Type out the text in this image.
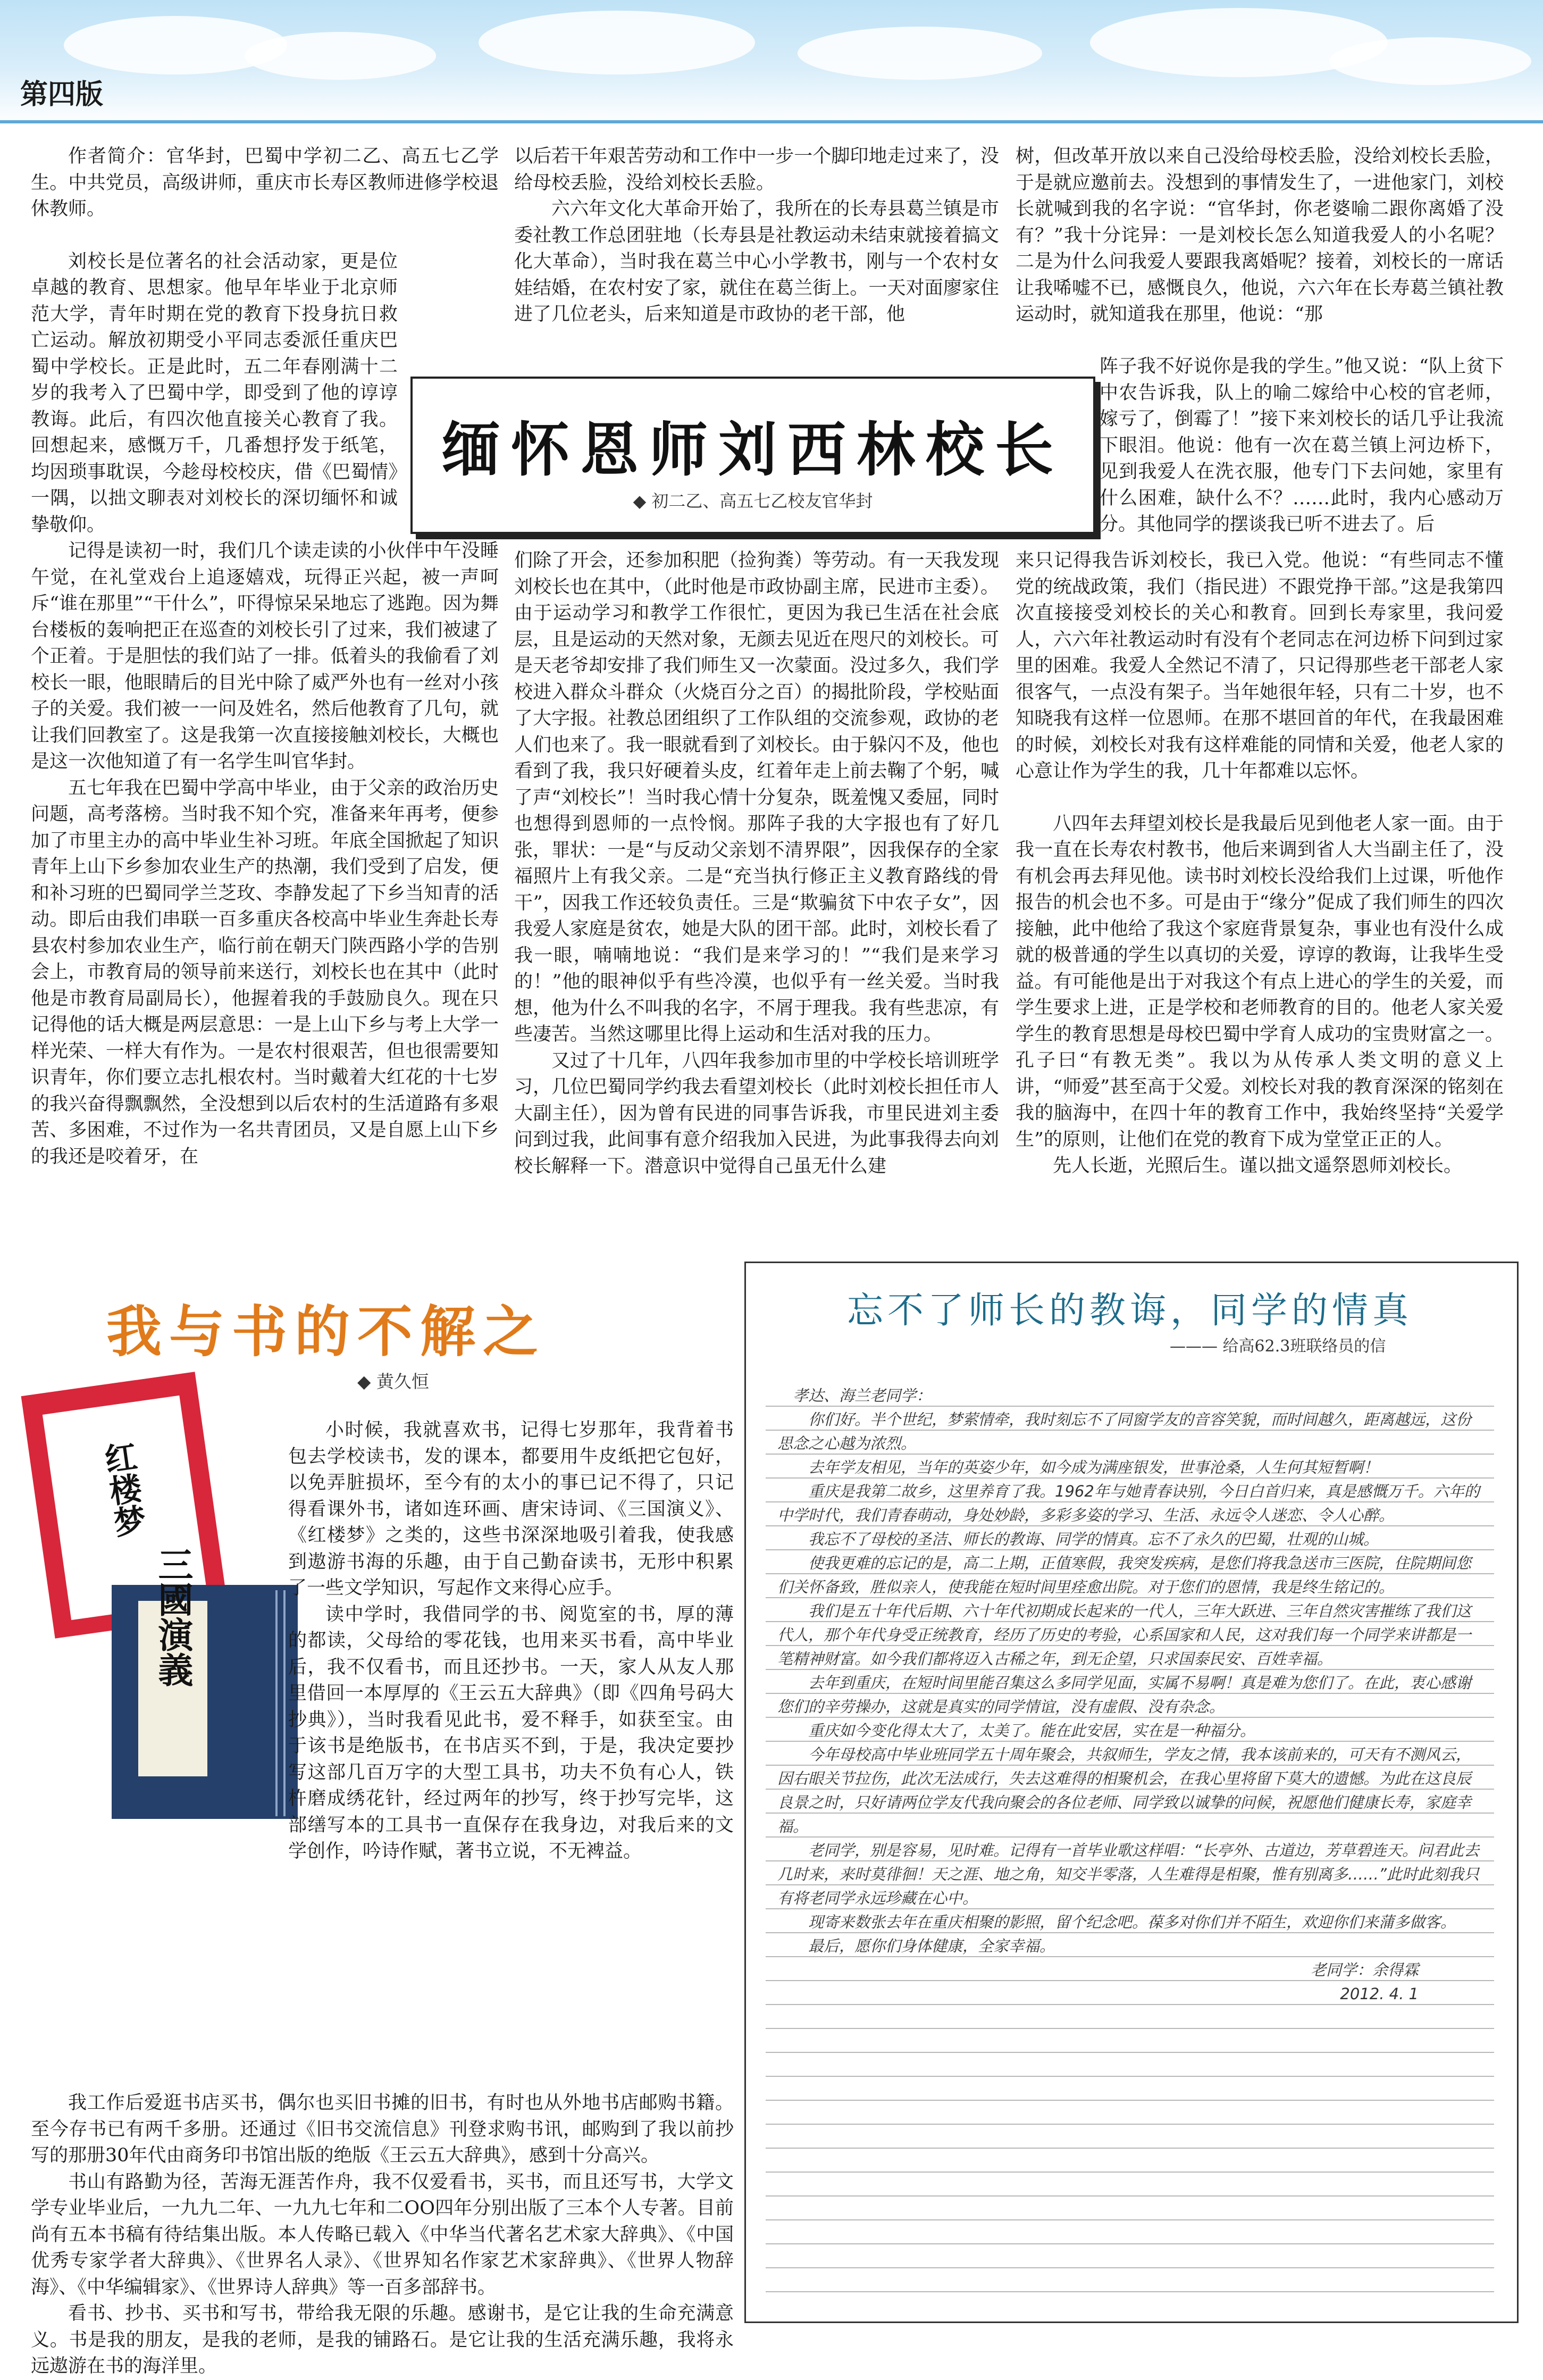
第四版

作者简介：官华封，巴蜀中学初二乙、高五七乙学生。中共党员，高级讲师，重庆市长寿区教师进修学校退休教师。

刘校长是位著名的社会活动家，更是位卓越的教育、思想家。他早年毕业于北京师范大学，青年时期在党的教育下投身抗日救亡运动。解放初期受小平同志委派任重庆巴蜀中学校长。正是此时，五二年春刚满十二岁的我考入了巴蜀中学，即受到了他的谆谆教诲。此后，有四次他直接关心教育了我。回想起来，感慨万千，几番想抒发于纸笔，均因琐事耽误，今趁母校校庆，借《巴蜀情》一隅，以拙文聊表对刘校长的深切缅怀和诚挚敬仰。

记得是读初一时，我们几个读走读的小伙伴中午没睡午觉，在礼堂戏台上追逐嬉戏，玩得正兴起，被一声呵斥“谁在那里”“干什么”，吓得惊呆呆地忘了逃跑。因为舞台楼板的轰响把正在巡查的刘校长引了过来，我们被逮了个正着。于是胆怯的我们站了一排。低着头的我偷看了刘校长一眼，他眼睛后的目光中除了威严外也有一丝对小孩子的关爱。我们被一一问及姓名，然后他教育了几句，就让我们回教室了。这是我第一次直接接触刘校长，大概也是这一次他知道了有一名学生叫官华封。

五七年我在巴蜀中学高中毕业，由于父亲的政治历史问题，高考落榜。当时我不知个究，准备来年再考，便参加了市里主办的高中毕业生补习班。年底全国掀起了知识青年上山下乡参加农业生产的热潮，我们受到了启发，便和补习班的巴蜀同学兰芝玫、李静发起了下乡当知青的活动。即后由我们串联一百多重庆各校高中毕业生奔赴长寿县农村参加农业生产，临行前在朝天门陕西路小学的告别会上，市教育局的领导前来送行，刘校长也在其中（此时他是市教育局副局长），他握着我的手鼓励良久。现在只记得他的话大概是两层意思：一是上山下乡与考上大学一样光荣、一样大有作为。一是农村很艰苦，但也很需要知识青年，你们要立志扎根农村。当时戴着大红花的十七岁的我兴奋得飘飘然，全没想到以后农村的生活道路有多艰苦、多困难，不过作为一名共青团员，又是自愿上山下乡的我还是咬着牙，在

以后若干年艰苦劳动和工作中一步一个脚印地走过来了，没给母校丢脸，没给刘校长丢脸。

六六年文化大革命开始了，我所在的长寿县葛兰镇是市委社教工作总团驻地（长寿县是社教运动未结束就接着搞文化大革命），当时我在葛兰中心小学教书，刚与一个农村女娃结婚，在农村安了家，就住在葛兰街上。一天对面廖家住进了几位老头，后来知道是市政协的老干部，他

缅怀恩师刘西林校长
◆ 初二乙、高五七乙校友官华封

们除了开会，还参加积肥（捡狗粪）等劳动。有一天我发现刘校长也在其中，（此时他是市政协副主席，民进市主委）。由于运动学习和教学工作很忙，更因为我已生活在社会底层，且是运动的天然对象，无颜去见近在咫尺的刘校长。可是天老爷却安排了我们师生又一次蒙面。没过多久，我们学校进入群众斗群众（火烧百分之百）的揭批阶段，学校贴面了大字报。社教总团组织了工作队组的交流参观，政协的老人们也来了。我一眼就看到了刘校长。由于躲闪不及，他也看到了我，我只好硬着头皮，红着年走上前去鞠了个躬，喊了声“刘校长”！当时我心情十分复杂，既羞愧又委屈，同时也想得到恩师的一点怜悯。那阵子我的大字报也有了好几张，罪状：一是“与反动父亲划不清界限”，因我保存的全家福照片上有我父亲。二是“充当执行修正主义教育路线的骨干”，因我工作还较负责任。三是“欺骗贫下中农子女”，因我爱人家庭是贫农，她是大队的团干部。此时，刘校长看了我一眼，喃喃地说：“我们是来学习的！”“我们是来学习的！”他的眼神似乎有些冷漠，也似乎有一丝关爱。当时我想，他为什么不叫我的名字，不屑于理我。我有些悲凉，有些凄苦。当然这哪里比得上运动和生活对我的压力。

又过了十几年，八四年我参加市里的中学校长培训班学习，几位巴蜀同学约我去看望刘校长（此时刘校长担任市人大副主任），因为曾有民进的同事告诉我，市里民进刘主委问到过我，此间事有意介绍我加入民进，为此事我得去向刘校长解释一下。潜意识中觉得自己虽无什么建

树，但改革开放以来自己没给母校丢脸，没给刘校长丢脸，于是就应邀前去。没想到的事情发生了，一进他家门，刘校长就喊到我的名字说：“官华封，你老婆喻二跟你离婚了没有？”我十分诧异：一是刘校长怎么知道我爱人的小名呢？二是为什么问我爱人要跟我离婚呢？接着，刘校长的一席话让我唏嘘不已，感慨良久，他说，六六年在长寿葛兰镇社教运动时，就知道我在那里，他说：“那

阵子我不好说你是我的学生。”他又说：“队上贫下中农告诉我，队上的喻二嫁给中心校的官老师，嫁亏了，倒霉了！”接下来刘校长的话几乎让我流下眼泪。他说：他有一次在葛兰镇上河边桥下，见到我爱人在洗衣服，他专门下去问她，家里有什么困难，缺什么不？……此时，我内心感动万分。其他同学的摆谈我已听不进去了。后

来只记得我告诉刘校长，我已入党。他说：“有些同志不懂党的统战政策，我们（指民进）不跟党挣干部。”这是我第四次直接接受刘校长的关心和教育。回到长寿家里，我问爱人，六六年社教运动时有没有个老同志在河边桥下问到过家里的困难。我爱人全然记不清了，只记得那些老干部老人家很客气，一点没有架子。当年她很年轻，只有二十岁，也不知晓我有这样一位恩师。在那不堪回首的年代，在我最困难的时候，刘校长对我有这样难能的同情和关爱，他老人家的心意让作为学生的我，几十年都难以忘怀。

八四年去拜望刘校长是我最后见到他老人家一面。由于我一直在长寿农村教书，他后来调到省人大当副主任了，没有机会再去拜见他。读书时刘校长没给我们上过课，听他作报告的机会也不多。可是由于“缘分”促成了我们师生的四次接触，此中他给了我这个家庭背景复杂，事业也有没什么成就的极普通的学生以真切的关爱，谆谆的教诲，让我毕生受益。有可能他是出于对我这个有点上进心的学生的关爱，而学生要求上进，正是学校和老师教育的目的。他老人家关爱学生的教育思想是母校巴蜀中学育人成功的宝贵财富之一。孔子曰“有教无类”。我以为从传承人类文明的意义上讲，“师爱”甚至高于父爱。刘校长对我的教育深深的铭刻在我的脑海中，在四十年的教育工作中，我始终坚持“关爱学生”的原则，让他们在党的教育下成为堂堂正正的人。

先人长逝，光照后生。谨以拙文遥祭恩师刘校长。

我与书的不解之
◆ 黄久恒
红楼梦
三國演義

小时候，我就喜欢书，记得七岁那年，我背着书包去学校读书，发的课本，都要用牛皮纸把它包好，以免弄脏损坏，至今有的太小的事已记不得了，只记得看课外书，诸如连环画、唐宋诗词、《三国演义》、《红楼梦》之类的，这些书深深地吸引着我，使我感到遨游书海的乐趣，由于自己勤奋读书，无形中积累了一些文学知识，写起作文来得心应手。

读中学时，我借同学的书、阅览室的书，厚的薄的都读，父母给的零花钱，也用来买书看，高中毕业后，我不仅看书，而且还抄书。一天，家人从友人那里借回一本厚厚的《王云五大辞典》（即《四角号码大抄典》），当时我看见此书，爱不释手，如获至宝。由于该书是绝版书，在书店买不到，于是，我决定要抄写这部几百万字的大型工具书，功夫不负有心人，铁杵磨成绣花针，经过两年的抄写，终于抄写完毕，这部缮写本的工具书一直保存在我身边，对我后来的文学创作，吟诗作赋，著书立说，不无裨益。

我工作后爱逛书店买书，偶尔也买旧书摊的旧书，有时也从外地书店邮购书籍。至今存书已有两千多册。还通过《旧书交流信息》刊登求购书讯，邮购到了我以前抄写的那册30年代由商务印书馆出版的绝版《王云五大辞典》，感到十分高兴。

书山有路勤为径，苦海无涯苦作舟，我不仅爱看书，买书，而且还写书，大学文学专业毕业后，一九九二年、一九九七年和二OO四年分别出版了三本个人专著。目前尚有五本书稿有待结集出版。本人传略已载入《中华当代著名艺术家大辞典》、《中国优秀专家学者大辞典》、《世界名人录》、《世界知名作家艺术家辞典》、《世界人物辞海》、《中华编辑家》、《世界诗人辞典》等一百多部辞书。

看书、抄书、买书和写书，带给我无限的乐趣。感谢书，是它让我的生命充满意义。书是我的朋友，是我的老师，是我的铺路石。是它让我的生活充满乐趣，我将永远遨游在书的海洋里。

忘不了师长的教诲，同学的情真
——— 给高62.3班联络员的信

孝达、海兰老同学：

你们好。半个世纪，梦萦情牵，我时刻忘不了同窗学友的音容笑貌，而时间越久，距离越远，这份思念之心越为浓烈。

去年学友相见，当年的英姿少年，如今成为满座银发，世事沧桑，人生何其短暂啊！

重庆是我第二故乡，这里养育了我。1962年与她青春诀别，今日白首归来，真是感慨万千。六年的中学时代，我们青春萌动，身处妙龄，多彩多姿的学习、生活、永远令人迷恋、令人心醉。

我忘不了母校的圣洁、师长的教诲、同学的情真。忘不了永久的巴蜀，壮观的山城。

使我更难的忘记的是，高二上期，正值寒假，我突发疾病，是您们将我急送市三医院，住院期间您们关怀备致，胜似亲人，使我能在短时间里痊愈出院。对于您们的恩情，我是终生铭记的。

我们是五十年代后期、六十年代初期成长起来的一代人，三年大跃进、三年自然灾害摧练了我们这代人，那个年代身受正统教育，经历了历史的考验，心系国家和人民，这对我们每一个同学来讲都是一笔精神财富。如今我们都将迈入古稀之年，到无企望，只求国泰民安、百姓幸福。

去年到重庆，在短时间里能召集这么多同学见面，实属不易啊！真是难为您们了。在此，衷心感谢您们的辛劳操办，这就是真实的同学情谊，没有虚假、没有杂念。

重庆如今变化得太大了，太美了。能在此安居，实在是一种福分。

今年母校高中毕业班同学五十周年聚会，共叙师生，学友之情，我本该前来的，可天有不测风云，因右眼关节拉伤，此次无法成行，失去这难得的相聚机会，在我心里将留下莫大的遗憾。为此在这良辰良景之时，只好请两位学友代我向聚会的各位老师、同学致以诚挚的问候，祝愿他们健康长寿，家庭幸福。

老同学，别是容易，见时难。记得有一首毕业歌这样唱：“长亭外、古道边，芳草碧连天。问君此去几时来，来时莫徘徊！天之涯、地之角，知交半零落，人生难得是相聚，惟有别离多……”此时此刻我只有将老同学永远珍藏在心中。

现寄来数张去年在重庆相聚的影照，留个纪念吧。葆多对你们并不陌生，欢迎你们来蒲多做客。

最后，愿你们身体健康，全家幸福。

老同学：余得霖

2012. 4. 1
